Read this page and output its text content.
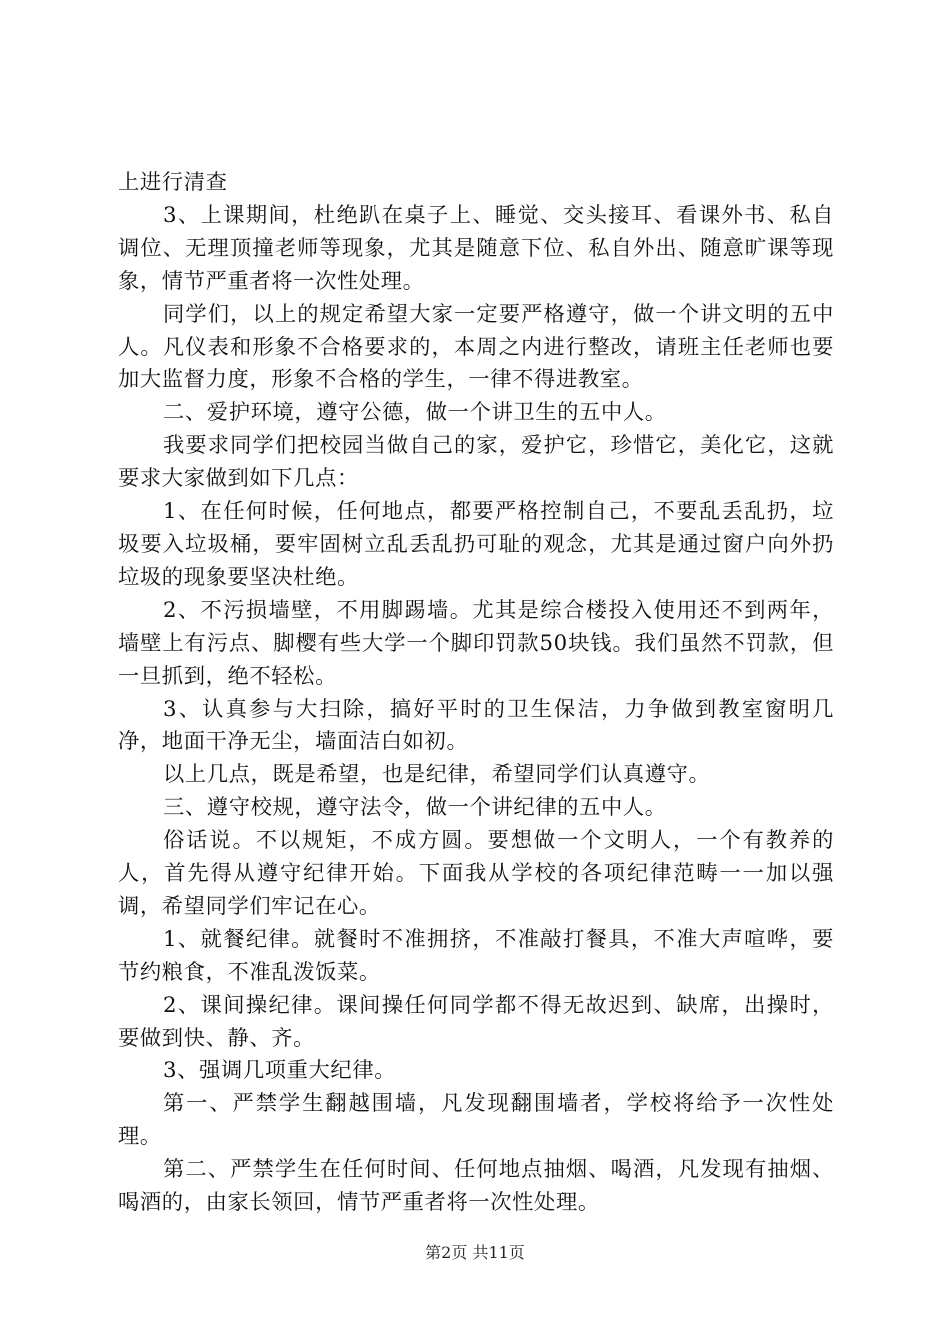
上进行清查

3、上课期间，杜绝趴在桌子上、睡觉、交头接耳、看课外书、私自调位、无理顶撞老师等现象，尤其是随意下位、私自外出、随意旷课等现象，情节严重者将一次性处理。

同学们，以上的规定希望大家一定要严格遵守，做一个讲文明的五中人。凡仪表和形象不合格要求的，本周之内进行整改，请班主任老师也要加大监督力度，形象不合格的学生，一律不得进教室。

二、爱护环境，遵守公德，做一个讲卫生的五中人。

我要求同学们把校园当做自己的家，爱护它，珍惜它，美化它，这就要求大家做到如下几点：

1、在任何时候，任何地点，都要严格控制自己，不要乱丢乱扔，垃圾要入垃圾桶，要牢固树立乱丢乱扔可耻的观念，尤其是通过窗户向外扔垃圾的现象要坚决杜绝。

2、不污损墙壁，不用脚踢墙。尤其是综合楼投入使用还不到两年，墙壁上有污点、脚樱有些大学一个脚印罚款50块钱。我们虽然不罚款，但一旦抓到，绝不轻松。

3、认真参与大扫除，搞好平时的卫生保洁，力争做到教室窗明几净，地面干净无尘，墙面洁白如初。

以上几点，既是希望，也是纪律，希望同学们认真遵守。

三、遵守校规，遵守法令，做一个讲纪律的五中人。

俗话说。不以规矩，不成方圆。要想做一个文明人，一个有教养的人，首先得从遵守纪律开始。下面我从学校的各项纪律范畴一一加以强调，希望同学们牢记在心。

1、就餐纪律。就餐时不准拥挤，不准敲打餐具，不准大声喧哗，要节约粮食，不准乱泼饭菜。

2、课间操纪律。课间操任何同学都不得无故迟到、缺席，出操时，要做到快、静、齐。

3、强调几项重大纪律。

第一、严禁学生翻越围墙，凡发现翻围墙者，学校将给予一次性处理。

第二、严禁学生在任何时间、任何地点抽烟、喝酒，凡发现有抽烟、喝酒的，由家长领回，情节严重者将一次性处理。

第2页 共11页
